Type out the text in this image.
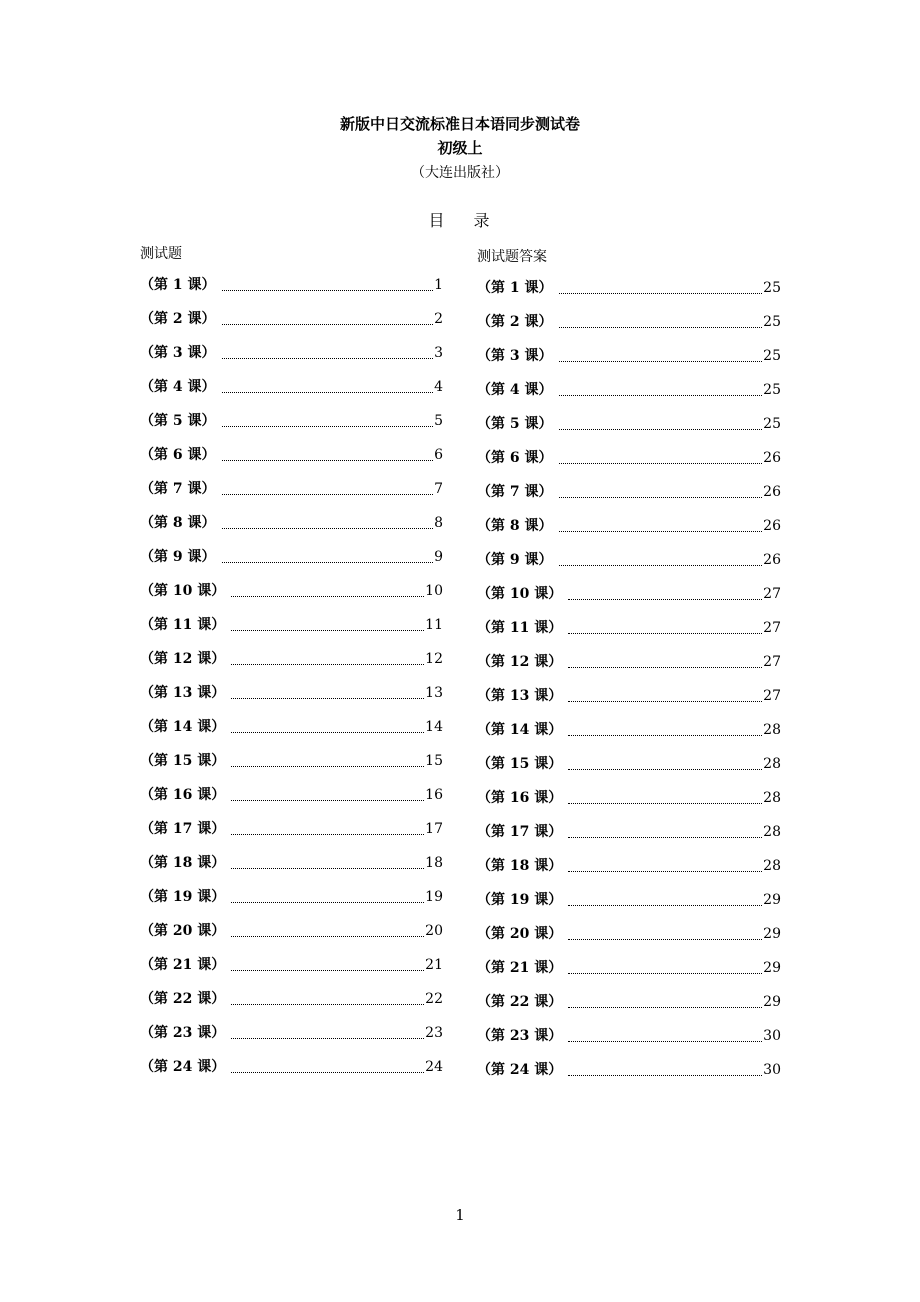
新版中日交流标准日本语同步测试卷
初级上
（大连出版社）
目 录
测试题	测试题答案
（第 1 课）	1
（第 2 课）	2
（第 3 课）	3
（第 4 课）	4
（第 5 课）	5
（第 6 课）	6
（第 7 课）	7
（第 8 课）	8
（第 9 课）	9
（第 10 课）	10
（第 11 课）	11
（第 12 课）	12
（第 13 课）	13
（第 14 课）	14
（第 15 课）	15
（第 16 课）	16
（第 17 课）	17
（第 18 课）	18
（第 19 课）	19
（第 20 课）	20
（第 21 课）	21
（第 22 课）	22
（第 23 课）	23
（第 24 课）	24
（第 1 课）	25
（第 2 课）	25
（第 3 课）	25
（第 4 课）	25
（第 5 课）	25
（第 6 课）	26
（第 7 课）	26
（第 8 课）	26
（第 9 课）	26
（第 10 课）	27
（第 11 课）	27
（第 12 课）	27
（第 13 课）	27
（第 14 课）	28
（第 15 课）	28
（第 16 课）	28
（第 17 课）	28
（第 18 课）	28
（第 19 课）	29
（第 20 课）	29
（第 21 课）	29
（第 22 课）	29
（第 23 课）	30
（第 24 课）	30
1
